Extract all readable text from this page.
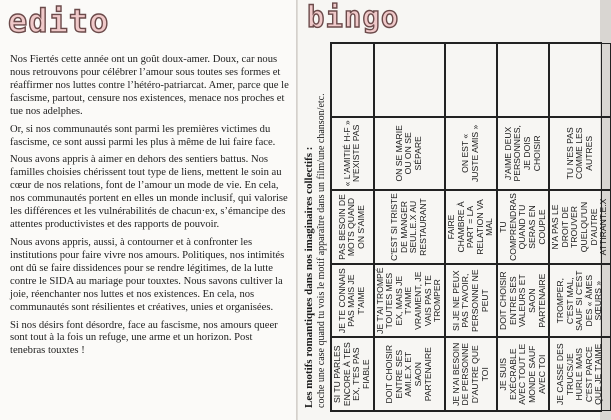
edito

Nos Fiertés cette année ont un goût doux-amer. Doux, car nous nous retrouvons pour célébrer l’amour sous toutes ses formes et réaffirmer nos luttes contre l’hétéro-patriarcat. Amer, parce que le fascisme, partout, censure nos existences, menace nos proches et tue nos adelphes.

Or, si nos communautés sont parmi les premières victimes du fascisme, ce sont aussi parmi les plus à même de lui faire face.

Nous avons appris à aimer en dehors des sentiers battus. Nos familles choisies chérissent tout type de liens, mettent le soin au cœur de nos relations, font de l’amour un mode de vie. En cela, nos communautés portent en elles un monde inclusif, qui valorise les différences et les vulnérabilités de chacun·ex, s’émancipe des attentes productivistes et des rapports de pouvoir.

Nous avons appris, aussi, à contourner et à confronter les institutions pour faire vivre nos amours. Politiques, nos intimités ont dû se faire dissidences pour se rendre légitimes, de la lutte contre le SIDA au mariage pour touxtes. Nous savons cultiver la joie, réenchanter nos luttes et nos existences. En cela, nos communautés sont résilientes et créatives, unies et organisées.

Si nos désirs font désordre, face au fascisme, nos amours queer sont tout à la fois un refuge, une arme et un horizon. Post tenebras touxtes !

bingo
Les motifs romantiques dans nos imaginaires collectifs : coche une case quand tu vois le motif apparaître dans un film/une chanson/etc. SI TU PARLES ENCORE À TES EX, T'ES PAS FIABLE
JE TE CONNAIS PAS MAIS JE T'AIME
PAS BESOIN DE MOTS QUAND ON S'AIME
« L'AMITIÉ H-F » N'EXISTE PAS
DOIT CHOISIR ENTRE SES AMI.E.X ET SAON PARTENAIRE
JE T'AI TROMPÉ TOUTES MES EX, MAIS JE T'AIME VRAIMENT, JE VAIS PAS TE TROMPER
C'EST SI TRISTE DE MANGER SEUL.E.X AU RESTAURANT
ON SE MARIE OU ON SE SÉPARE
JE N'AI BESOIN DE PERSONNE D'AUTRE QUE TOI
SI JE NE PEUX PAS T'AVOIR, PERSONNE NE PEUT
FAIRE CHAMBRE À PART = LA RELATION VA MAL
ON EST « JUSTE AMIS »
JE SUIS EXÉCRABLE AVEC TOUT LE MONDE SAUF AVEC TOI
DOIT CHOISIR ENTRE SES VALEURS ET SAON PARTENAIRE
TU COMPRENDRAS QUAND TU SERAS EN COUPLE
J'AIME DEUX PERSONNES, JE DOIS CHOISIR
JE CASSE DES TRUCS/JE HURLE MAIS C'EST PARCE QUE JE T'AIME
TROMPER, C'EST MAL, SAUF SI C'EST DES « ÂMES SŒURS »
N'A PAS LE DROIT DE TROUVER QUELQU'UN D'AUTRE ATTIRANT.E.X
TU N'ES PAS COMME LES AUTRES
